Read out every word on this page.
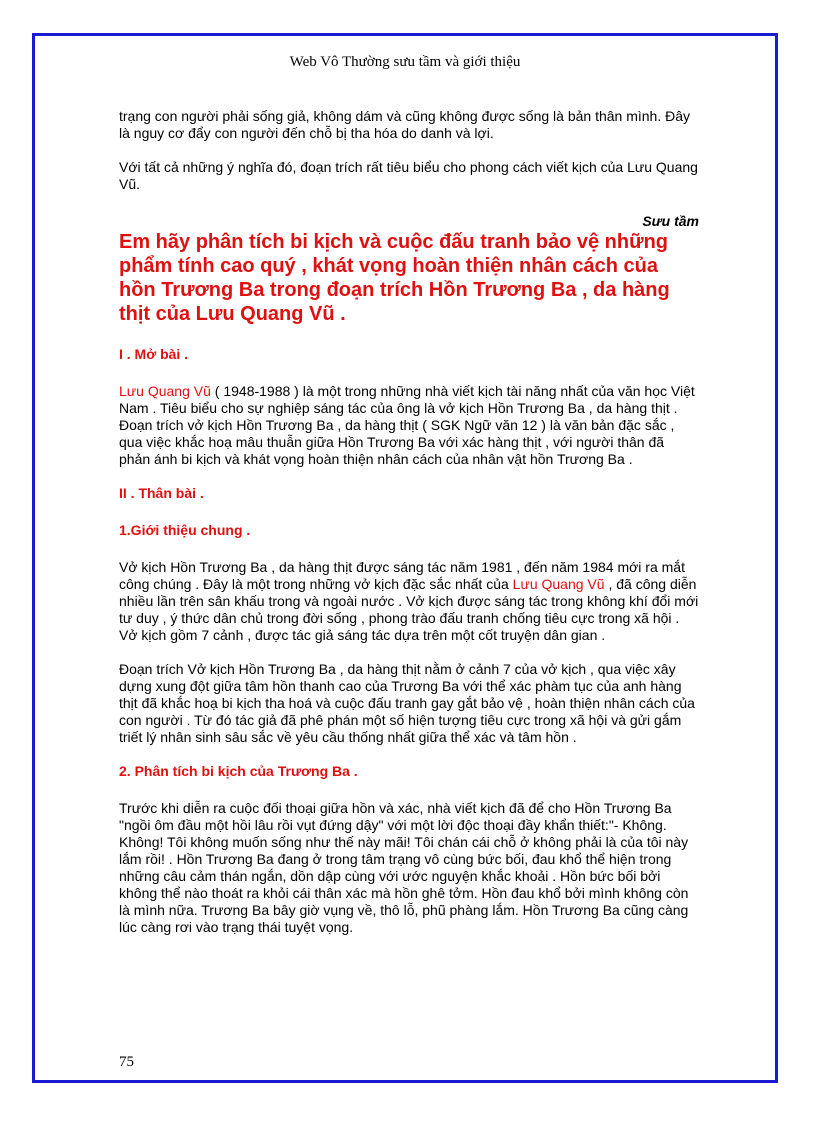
Web Vô Thường sưu tầm và giới thiệu

trạng con người phải sống giả, không dám và cũng không được sống là bản thân mình. Đây là nguy cơ đẩy con người đến chỗ bị tha hóa do danh và lợi.

Với tất cả những ý nghĩa đó, đoạn trích rất tiêu biểu cho phong cách viết kịch của Lưu Quang Vũ.

Sưu tầm
Em hãy phân tích bi kịch và cuộc đấu tranh bảo vệ những phẩm tính cao quý , khát vọng hoàn thiện nhân cách của hồn Trương Ba trong đoạn trích Hồn Trương Ba , da hàng thịt của Lưu Quang Vũ .
I . Mở bài .

Lưu Quang Vũ ( 1948-1988 ) là một trong những nhà viết kịch tài năng nhất của văn học Việt Nam . Tiêu biểu cho sự nghiệp sáng tác của ông là vở kịch Hồn Trương Ba , da hàng thịt . Đoạn trích vở kịch Hồn Trương Ba , da hàng thịt ( SGK Ngữ văn 12 ) là văn bản đặc sắc , qua việc khắc hoạ mâu thuẫn giữa Hồn Trương Ba với xác hàng thịt , với người thân đã phản ánh bi kịch và khát vọng hoàn thiện nhân cách của nhân vật hồn Trương Ba .

II . Thân bài .
1.Giới thiệu chung .

Vở kịch Hồn Trương Ba , da hàng thịt được sáng tác năm 1981 , đến năm 1984 mới ra mắt công chúng . Đây là một trong những vở kịch đặc sắc nhất của Lưu Quang Vũ , đã công diễn nhiều lần trên sân khấu trong và ngoài nước . Vở kịch được sáng tác trong không khí đổi mới tư duy , ý thức dân chủ trong đời sống , phong trào đấu tranh chống tiêu cực trong xã hội . Vở kịch gồm 7 cảnh , được tác giả sáng tác dựa trên một cốt truyện dân gian .

Đoạn trích Vở kịch Hồn Trương Ba , da hàng thịt nằm ở cảnh 7 của vở kịch , qua việc xây dựng xung đột giữa tâm hồn thanh cao của Trương Ba với thể xác phàm tục của anh hàng thịt đã khắc hoạ bi kịch tha hoá và cuộc đấu tranh gay gắt bảo vệ , hoàn thiện nhân cách của con người . Từ đó tác giả đã phê phán một số hiện tượng tiêu cực trong xã hội và gửi gắm triết lý nhân sinh sâu sắc về yêu cầu thống nhất giữa thể xác và tâm hồn .

2. Phân tích bi kịch của Trương Ba .

Trước khi diễn ra cuộc đối thoại giữa hồn và xác, nhà viết kịch đã để cho Hồn Trương Ba "ngồi ôm đầu một hồi lâu rồi vụt đứng dậy" với một lời độc thoại đầy khẩn thiết:"- Không. Không! Tôi không muốn sống như thế này mãi! Tôi chán cái chỗ ở không phải là của tôi này lắm rồi! . Hồn Trương Ba đang ở trong tâm trạng vô cùng bức bối, đau khổ thể hiện trong những câu cảm thán ngắn, dồn dập cùng với ước nguyện khắc khoải . Hồn bức bối bởi không thể nào thoát ra khỏi cái thân xác mà hồn ghê tởm. Hồn đau khổ bởi mình không còn là mình nữa. Trương Ba bây giờ vụng về, thô lỗ, phũ phàng lắm. Hồn Trương Ba cũng càng lúc càng rơi vào trạng thái tuyệt vọng.

75
